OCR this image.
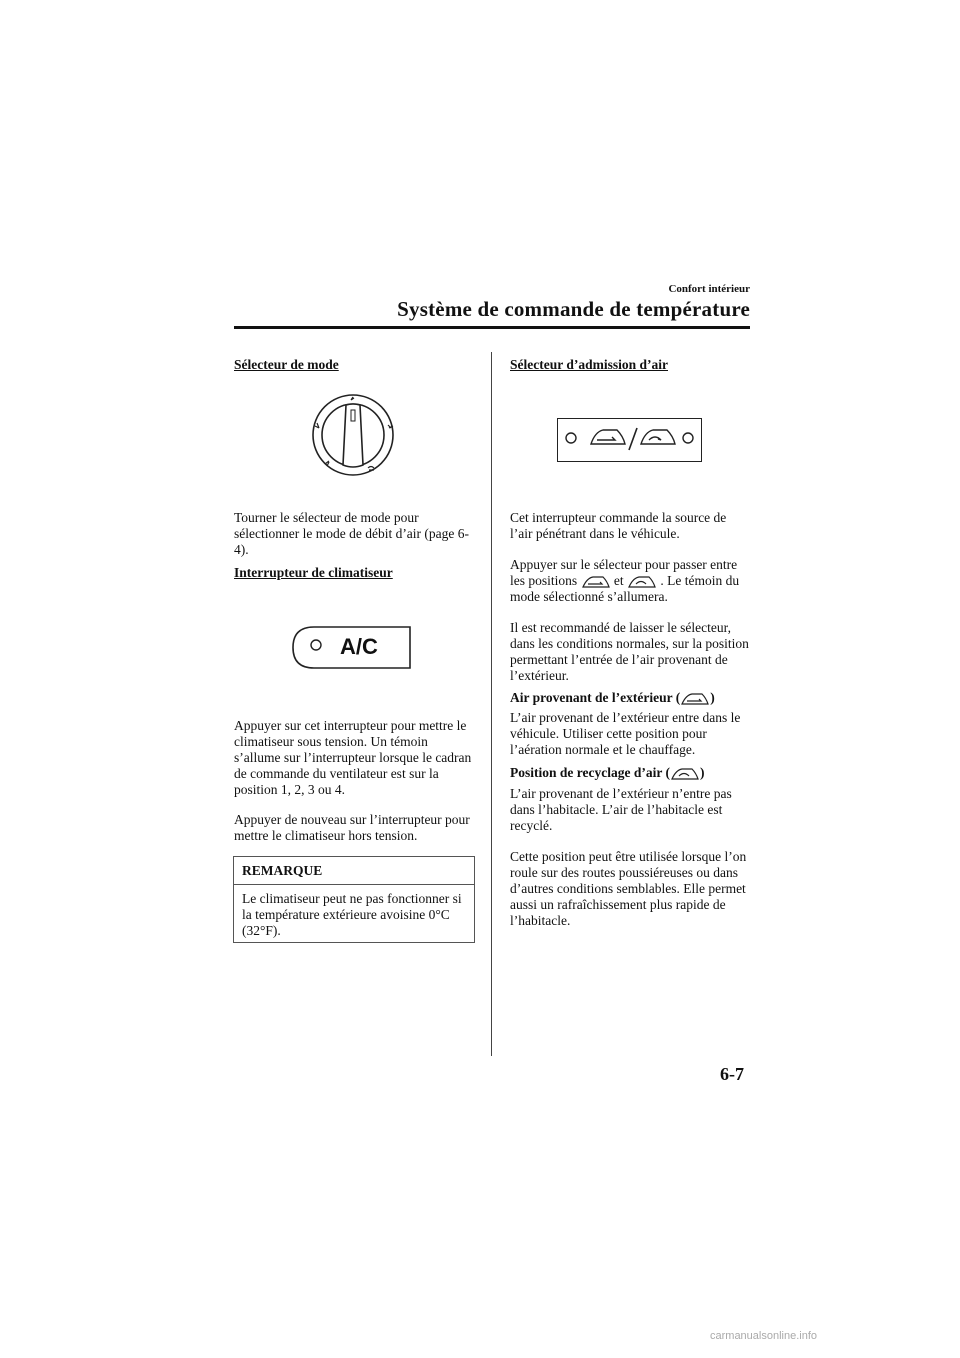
Confort intérieur
Système de commande de température
Sélecteur de mode

Tourner le sélecteur de mode pour sélectionner le mode de débit d’air (page 6-4).

Interrupteur de climatiseur
A/C

Appuyer sur cet interrupteur pour mettre le climatiseur sous tension. Un témoin s’allume sur l’interrupteur lorsque le cadran de commande du ventilateur est sur la position 1, 2, 3 ou 4.

Appuyer de nouveau sur l’interrupteur pour mettre le climatiseur hors tension.

REMARQUE

Le climatiseur peut ne pas fonctionner si la température extérieure avoisine 0°C (32°F).

Sélecteur d’admission d’air

Cet interrupteur commande la source de l’air pénétrant dans le véhicule.

Appuyer sur le sélecteur pour passer entre les positions	et	. Le témoin du mode sélectionné s’allumera.

Il est recommandé de laisser le sélecteur, dans les conditions normales, sur la position permettant l’entrée de l’air provenant de l’extérieur.

Air provenant de l’extérieur ( )

L’air provenant de l’extérieur entre dans le véhicule. Utiliser cette position pour l’aération normale et le chauffage.

Position de recyclage d’air ( )

L’air provenant de l’extérieur n’entre pas dans l’habitacle. L’air de l’habitacle est recyclé.

Cette position peut être utilisée lorsque l’on roule sur des routes poussiéreuses ou dans d’autres conditions semblables. Elle permet aussi un rafraîchissement plus rapide de l’habitacle.

6-7
carmanualsonline.info
